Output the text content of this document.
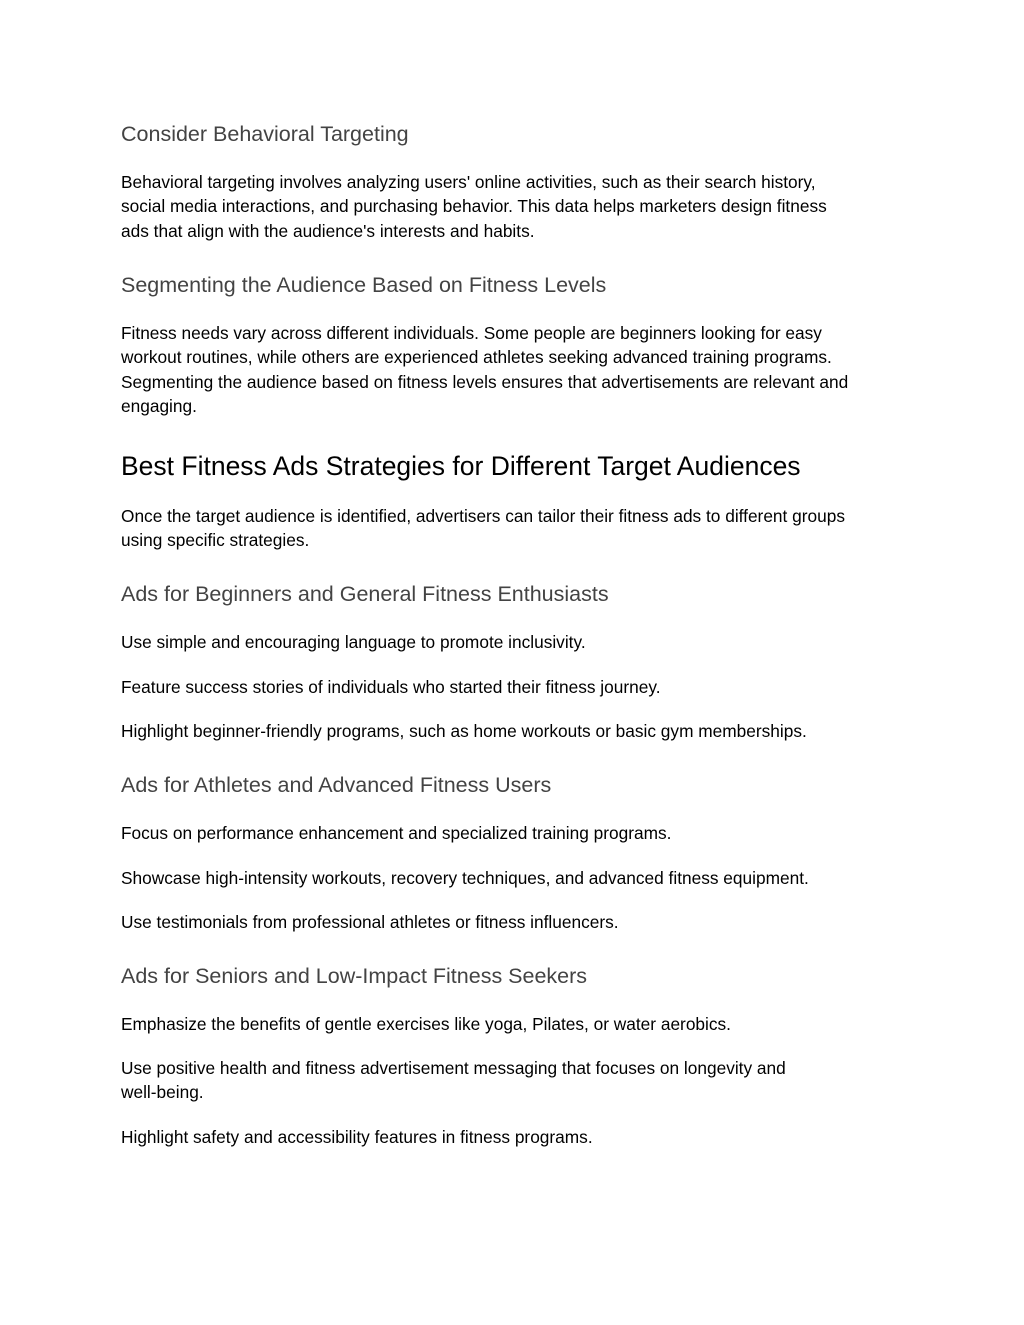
Consider Behavioral Targeting

Behavioral targeting involves analyzing users' online activities, such as their search history,
social media interactions, and purchasing behavior. This data helps marketers design fitness
ads that align with the audience's interests and habits.

Segmenting the Audience Based on Fitness Levels

Fitness needs vary across different individuals. Some people are beginners looking for easy
workout routines, while others are experienced athletes seeking advanced training programs.
Segmenting the audience based on fitness levels ensures that advertisements are relevant and
engaging.

Best Fitness Ads Strategies for Different Target Audiences

Once the target audience is identified, advertisers can tailor their fitness ads to different groups
using specific strategies.

Ads for Beginners and General Fitness Enthusiasts

Use simple and encouraging language to promote inclusivity.

Feature success stories of individuals who started their fitness journey.

Highlight beginner-friendly programs, such as home workouts or basic gym memberships.

Ads for Athletes and Advanced Fitness Users

Focus on performance enhancement and specialized training programs.

Showcase high-intensity workouts, recovery techniques, and advanced fitness equipment.

Use testimonials from professional athletes or fitness influencers.

Ads for Seniors and Low-Impact Fitness Seekers

Emphasize the benefits of gentle exercises like yoga, Pilates, or water aerobics.

Use positive health and fitness advertisement messaging that focuses on longevity and
well-being.

Highlight safety and accessibility features in fitness programs.
